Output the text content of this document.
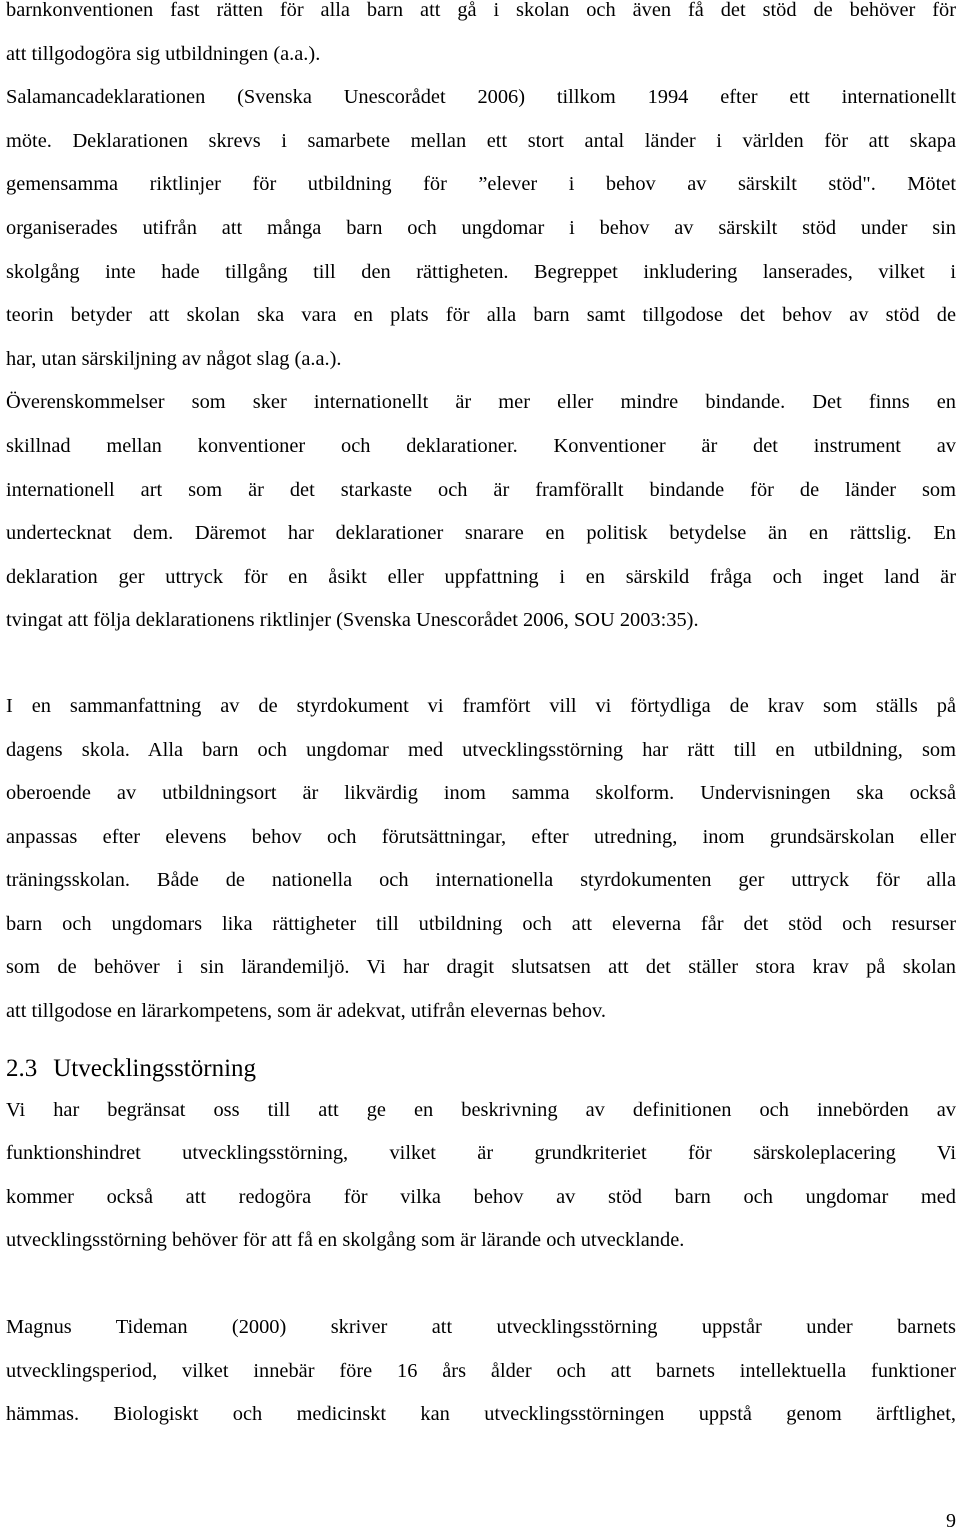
barnkonventionen fast rätten för alla barn att gå i skolan och även få det stöd de behöver för
att tillgodogöra sig utbildningen (a.a.).

Salamancadeklarationen (Svenska Unescorådet 2006) tillkom 1994 efter ett internationellt
möte. Deklarationen skrevs i samarbete mellan ett stort antal länder i världen för att skapa
gemensamma riktlinjer för utbildning för ”elever i behov av särskilt stöd". Mötet
organiserades utifrån att många barn och ungdomar i behov av särskilt stöd under sin
skolgång inte hade tillgång till den rättigheten. Begreppet inkludering lanserades, vilket i
teorin betyder att skolan ska vara en plats för alla barn samt tillgodose det behov av stöd de
har, utan särskiljning av något slag (a.a.).
Överenskommelser som sker internationellt är mer eller mindre bindande. Det finns en
skillnad mellan konventioner och deklarationer. Konventioner är det instrument av
internationell art som är det starkaste och är framförallt bindande för de länder som
undertecknat dem. Däremot har deklarationer snarare en politisk betydelse än en rättslig. En
deklaration ger uttryck för en åsikt eller uppfattning i en särskild fråga och inget land är
tvingat att följa deklarationens riktlinjer (Svenska Unescorådet 2006, SOU 2003:35).

I en sammanfattning av de styrdokument vi framfört vill vi förtydliga de krav som ställs på
dagens skola. Alla barn och ungdomar med utvecklingsstörning har rätt till en utbildning, som
oberoende av utbildningsort är likvärdig inom samma skolform. Undervisningen ska också
anpassas efter elevens behov och förutsättningar, efter utredning, inom grundsärskolan eller
träningsskolan. Både de nationella och internationella styrdokumenten ger uttryck för alla
barn och ungdomars lika rättigheter till utbildning och att eleverna får det stöd och resurser
som de behöver i sin lärandemiljö. Vi har dragit slutsatsen att det ställer stora krav på skolan
att tillgodose en lärarkompetens, som är adekvat, utifrån elevernas behov.

2.3 Utvecklingsstörning

Vi har begränsat oss till att ge en beskrivning av definitionen och innebörden av
funktionshindret utvecklingsstörning, vilket är grundkriteriet för särskoleplacering Vi
kommer också att redogöra för vilka behov av stöd barn och ungdomar med
utvecklingsstörning behöver för att få en skolgång som är lärande och utvecklande.

Magnus Tideman (2000) skriver att utvecklingsstörning uppstår under barnets
utvecklingsperiod, vilket innebär före 16 års ålder och att barnets intellektuella funktioner
hämmas. Biologiskt och medicinskt kan utvecklingsstörningen uppstå genom ärftlighet,

9
